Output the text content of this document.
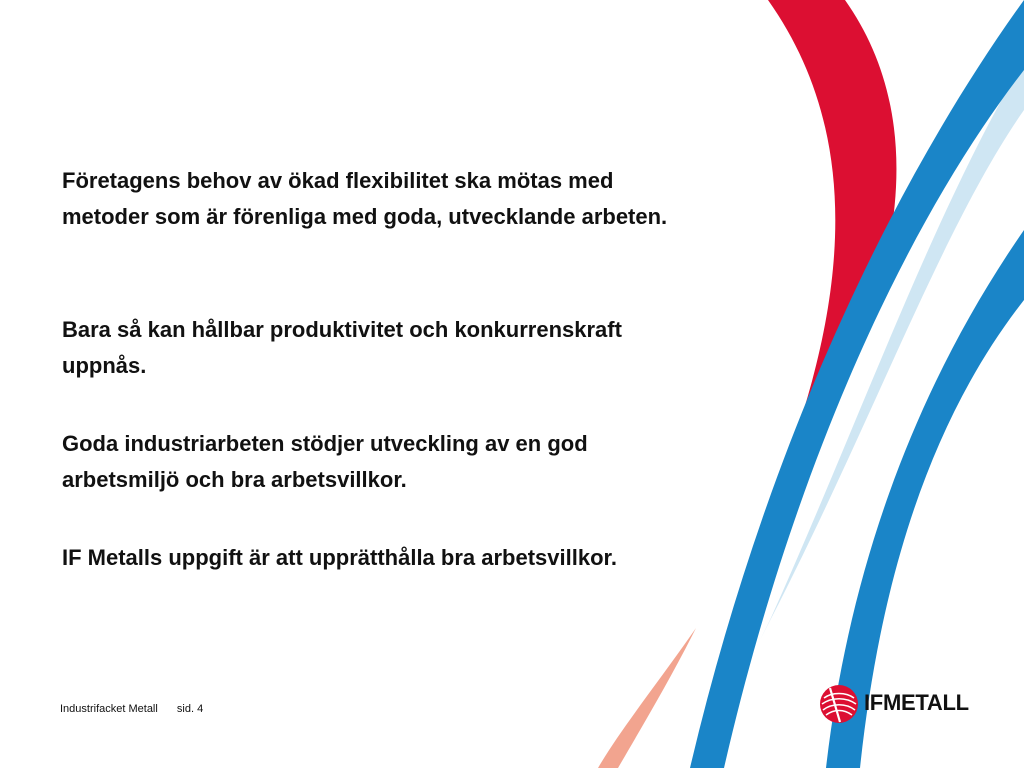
Företagens behov av ökad flexibilitet ska mötas med metoder som är förenliga med goda, utvecklande arbeten.

Bara så kan hållbar produktivitet och konkurrenskraft uppnås.

Goda industriarbeten stödjer utveckling av en god arbetsmiljö och bra arbetsvillkor.

IF Metalls uppgift är att upprätthålla bra arbetsvillkor.

Industrifacket Metall sid. 4	IFMETALL
